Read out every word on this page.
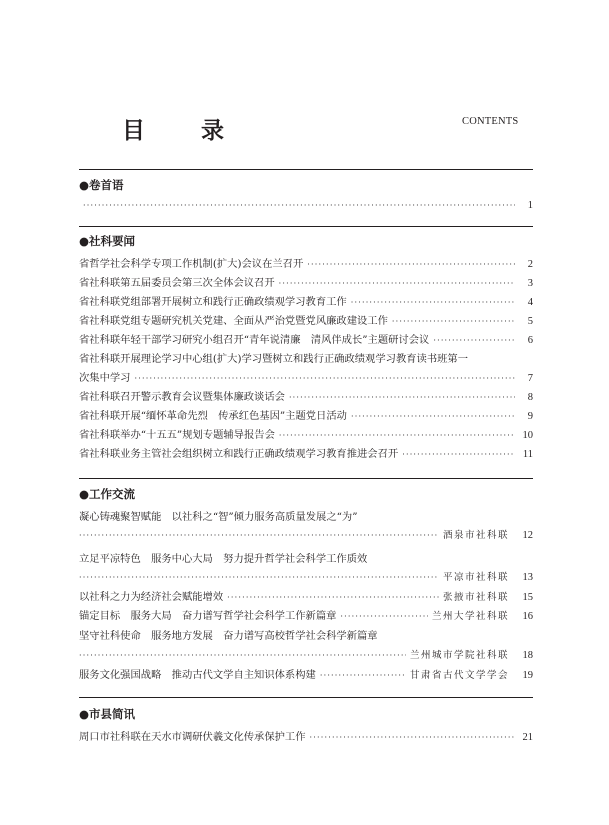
目 录	CONTENTS
●卷首语
·····
1
●社科要闻
省哲学社会科学专项工作机制(扩大)会议在兰召开 ·····	2
省社科联第五届委员会第三次全体会议召开 ·····	3
省社科联党组部署开展树立和践行正确政绩观学习教育工作 ·····	4
省社科联党组专题研究机关党建、全面从严治党暨党风廉政建设工作 ·····	5
省社科联年轻干部学习研究小组召开“青年说清廉　清风伴成长”主题研讨会议 ·····	6
省社科联开展理论学习中心组(扩大)学习暨树立和践行正确政绩观学习教育读书班第一
次集中学习 ·····	7
省社科联召开警示教育会议暨集体廉政谈话会 ·····	8
省社科联开展“缅怀革命先烈　传承红色基因”主题党日活动 ·····	9
省社科联举办“十五五”规划专题辅导报告会 ·····	10
省社科联业务主管社会组织树立和践行正确政绩观学习教育推进会召开 ·····	11
●工作交流
凝心铸魂聚智赋能　以社科之“智”倾力服务高质量发展之“为”
·····
酒泉市社科联	12
立足平凉特色　服务中心大局　努力提升哲学社会科学工作质效
·····
平凉市社科联	13
以社科之力为经济社会赋能增效 ·····	张掖市社科联	15
锚定目标　服务大局　奋力谱写哲学社会科学工作新篇章 ·····	兰州大学社科联	16
坚守社科使命　服务地方发展　奋力谱写高校哲学社会科学新篇章
·····
兰州城市学院社科联	18
服务文化强国战略　推动古代文学自主知识体系构建 ·····	甘肃省古代文学学会	19
●市县简讯
周口市社科联在天水市调研伏羲文化传承保护工作 ·····	21
